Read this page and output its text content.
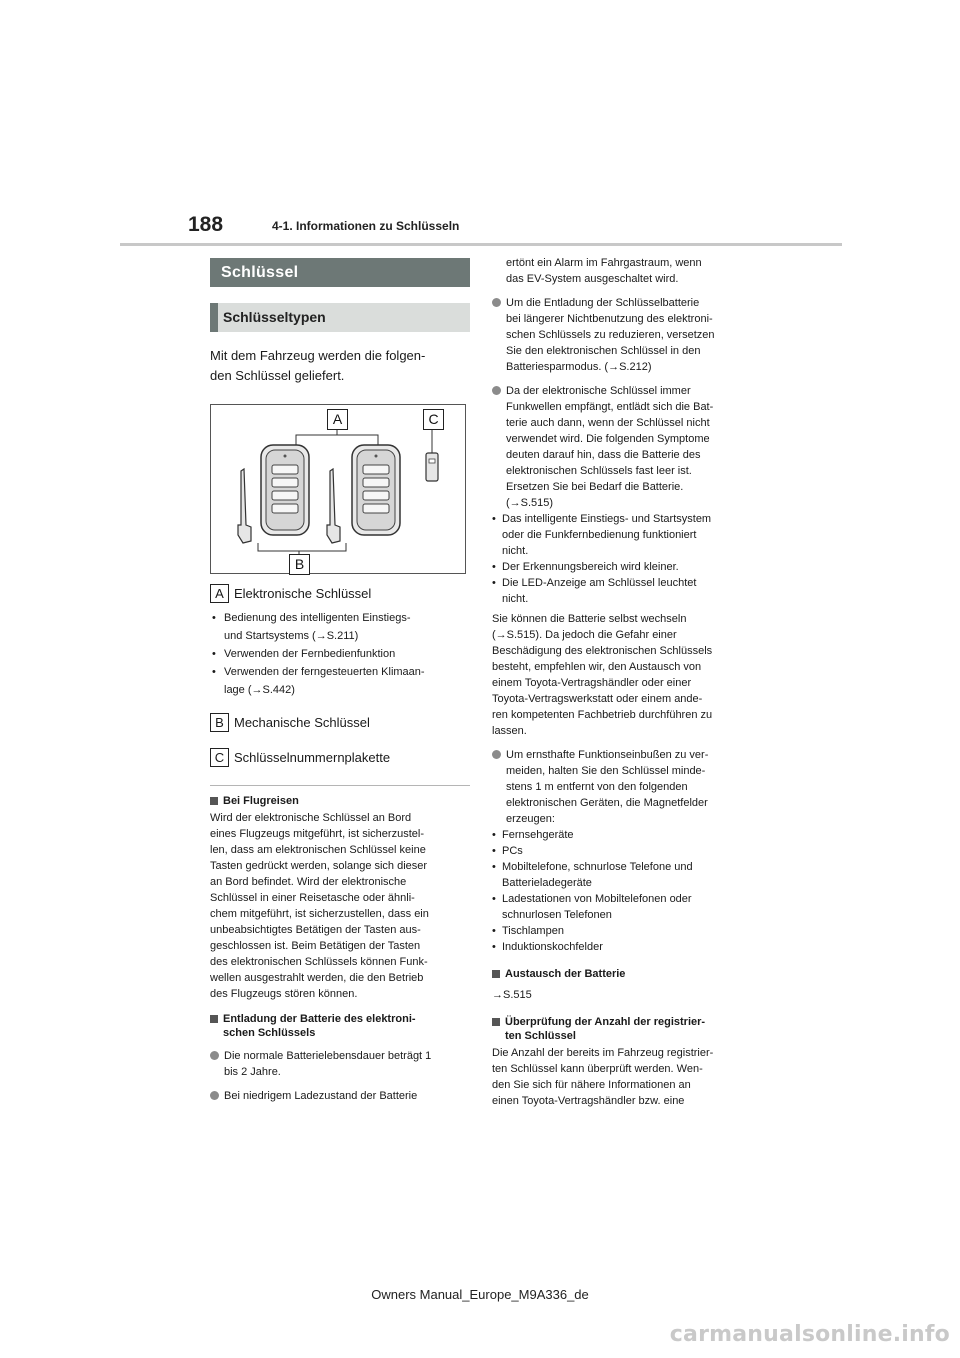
188	4-1. Informationen zu Schlüsseln
Schlüssel
Schlüsseltypen
Mit dem Fahrzeug werden die folgen-
den Schlüssel geliefert.
A	C
B
A Elektronische Schlüssel
• Bedienung des intelligenten Einstiegs-
und Startsystems (→S.211)
• Verwenden der Fernbedienfunktion
• Verwenden der ferngesteuerten Klimaan-
lage (→S.442)
B Mechanische Schlüssel
C Schlüsselnummernplakette
Bei Flugreisen
Wird der elektronische Schlüssel an Bord
eines Flugzeugs mitgeführt, ist sicherzustel-
len, dass am elektronischen Schlüssel keine
Tasten gedrückt werden, solange sich dieser
an Bord befindet. Wird der elektronische
Schlüssel in einer Reisetasche oder ähnli-
chem mitgeführt, ist sicherzustellen, dass ein
unbeabsichtigtes Betätigen der Tasten aus-
geschlossen ist. Beim Betätigen der Tasten
des elektronischen Schlüssels können Funk-
wellen ausgestrahlt werden, die den Betrieb
des Flugzeugs stören können.
Entladung der Batterie des elektroni-
schen Schlüssels
Die normale Batterielebensdauer beträgt 1
bis 2 Jahre.
Bei niedrigem Ladezustand der Batterie
ertönt ein Alarm im Fahrgastraum, wenn
das EV-System ausgeschaltet wird.
Um die Entladung der Schlüsselbatterie
bei längerer Nichtbenutzung des elektroni-
schen Schlüssels zu reduzieren, versetzen
Sie den elektronischen Schlüssel in den
Batteriesparmodus. (→S.212)
Da der elektronische Schlüssel immer
Funkwellen empfängt, entlädt sich die Bat-
terie auch dann, wenn der Schlüssel nicht
verwendet wird. Die folgenden Symptome
deuten darauf hin, dass die Batterie des
elektronischen Schlüssels fast leer ist.
Ersetzen Sie bei Bedarf die Batterie.
(→S.515)
• Das intelligente Einstiegs- und Startsystem
oder die Funkfernbedienung funktioniert
nicht.
• Der Erkennungsbereich wird kleiner.
• Die LED-Anzeige am Schlüssel leuchtet
nicht.
Sie können die Batterie selbst wechseln
(→S.515). Da jedoch die Gefahr einer
Beschädigung des elektronischen Schlüssels
besteht, empfehlen wir, den Austausch von
einem Toyota-Vertragshändler oder einer
Toyota-Vertragswerkstatt oder einem ande-
ren kompetenten Fachbetrieb durchführen zu
lassen.
Um ernsthafte Funktionseinbußen zu ver-
meiden, halten Sie den Schlüssel minde-
stens 1 m entfernt von den folgenden
elektronischen Geräten, die Magnetfelder
erzeugen:
• Fernsehgeräte
• PCs
• Mobiltelefone, schnurlose Telefone und
Batterieladegeräte
• Ladestationen von Mobiltelefonen oder
schnurlosen Telefonen
• Tischlampen
• Induktionskochfelder
Austausch der Batterie
→S.515
Überprüfung der Anzahl der registrier-
ten Schlüssel
Die Anzahl der bereits im Fahrzeug registrier-
ten Schlüssel kann überprüft werden. Wen-
den Sie sich für nähere Informationen an
einen Toyota-Vertragshändler bzw. eine
Owners Manual_Europe_M9A336_de
carmanualsonline.info
